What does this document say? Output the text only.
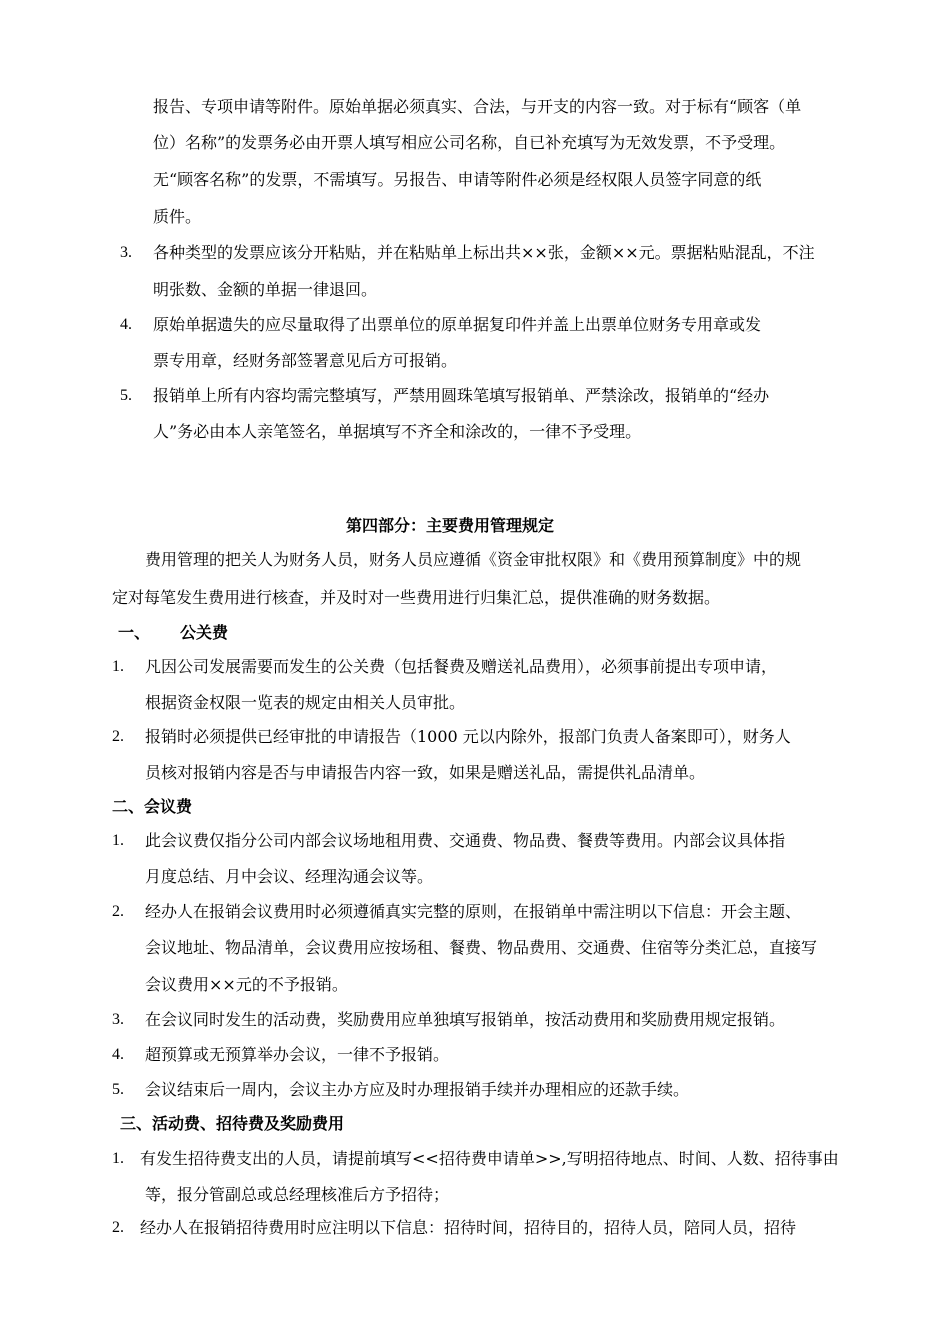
报告、专项申请等附件。原始单据必须真实、合法，与开支的内容一致。对于标有“顾客（单
位）名称”的发票务必由开票人填写相应公司名称，自已补充填写为无效发票，不予受理。
无“顾客名称”的发票，不需填写。另报告、申请等附件必须是经权限人员签字同意的纸
质件。
3. 各种类型的发票应该分开粘贴，并在粘贴单上标出共××张，金额××元。票据粘贴混乱，不注
明张数、金额的单据一律退回。
4. 原始单据遗失的应尽量取得了出票单位的原单据复印件并盖上出票单位财务专用章或发
票专用章，经财务部签署意见后方可报销。
5. 报销单上所有内容均需完整填写，严禁用圆珠笔填写报销单、严禁涂改，报销单的“经办
人”务必由本人亲笔签名，单据填写不齐全和涂改的，一律不予受理。
第四部分：主要费用管理规定
费用管理的把关人为财务人员，财务人员应遵循《资金审批权限》和《费用预算制度》中的规
定对每笔发生费用进行核查，并及时对一些费用进行归集汇总，提供准确的财务数据。
一、 公关费
1. 凡因公司发展需要而发生的公关费（包括餐费及赠送礼品费用），必须事前提出专项申请，
根据资金权限一览表的规定由相关人员审批。
2. 报销时必须提供已经审批的申请报告（1000 元以内除外，报部门负责人备案即可），财务人
员核对报销内容是否与申请报告内容一致，如果是赠送礼品，需提供礼品清单。
二、会议费
1. 此会议费仅指分公司内部会议场地租用费、交通费、物品费、餐费等费用。内部会议具体指
月度总结、月中会议、经理沟通会议等。
2. 经办人在报销会议费用时必须遵循真实完整的原则，在报销单中需注明以下信息：开会主题、
会议地址、物品清单，会议费用应按场租、餐费、物品费用、交通费、住宿等分类汇总，直接写
会议费用××元的不予报销。
3. 在会议同时发生的活动费，奖励费用应单独填写报销单，按活动费用和奖励费用规定报销。
4. 超预算或无预算举办会议，一律不予报销。
5. 会议结束后一周内，会议主办方应及时办理报销手续并办理相应的还款手续。
三、活动费、招待费及奖励费用
1. 有发生招待费支出的人员，请提前填写<<招待费申请单>>,写明招待地点、时间、人数、招待事由
等，报分管副总或总经理核准后方予招待；
2. 经办人在报销招待费用时应注明以下信息：招待时间，招待目的，招待人员，陪同人员，招待
